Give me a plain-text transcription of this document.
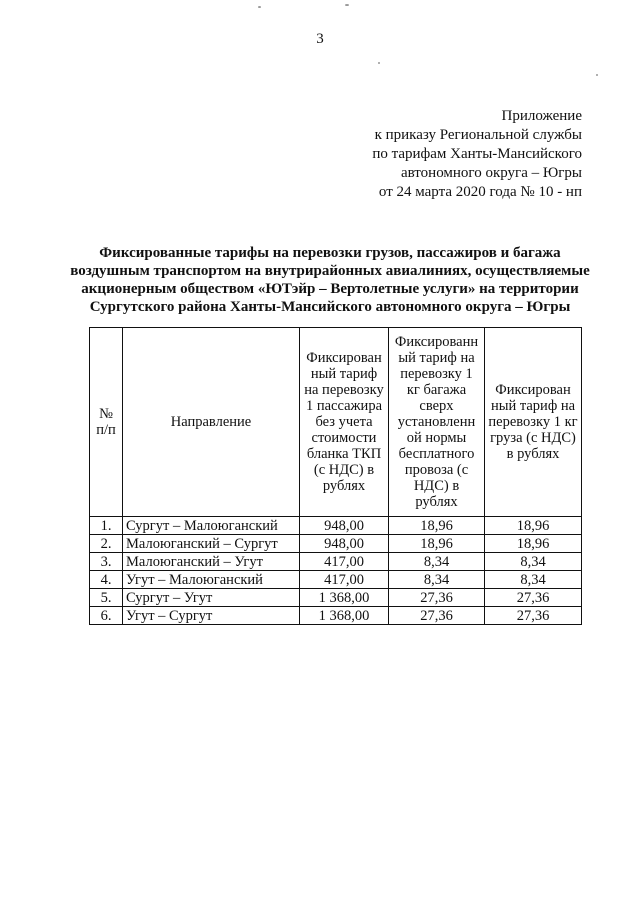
3
Приложение
к приказу Региональной службы
по тарифам Ханты-Мансийского
автономного округа – Югры
от 24 марта 2020 года № 10 - нп
Фиксированные тарифы на перевозки грузов, пассажиров и багажа
воздушным транспортом на внутрирайонных авиалиниях, осуществляемые
акционерным обществом «ЮТэйр – Вертолетные услуги» на территории
Сургутского района Ханты-Мансийского автономного округа – Югры
№ п/п	Направление	Фиксирован ный тариф на перевозку 1 пассажира без учета стоимости бланка ТКП (с НДС) в рублях	Фиксированн ый тариф на перевозку 1 кг багажа сверх установленн ой нормы бесплатного провоза (с НДС) в рублях	Фиксирован ный тариф на перевозку 1 кг груза (с НДС) в рублях
1.	Сургут – Малоюганский	948,00	18,96	18,96
2.	Малоюганский – Сургут	948,00	18,96	18,96
3.	Малоюганский – Угут	417,00	8,34	8,34
4.	Угут – Малоюганский	417,00	8,34	8,34
5.	Сургут – Угут	1 368,00	27,36	27,36
6.	Угут – Сургут	1 368,00	27,36	27,36
